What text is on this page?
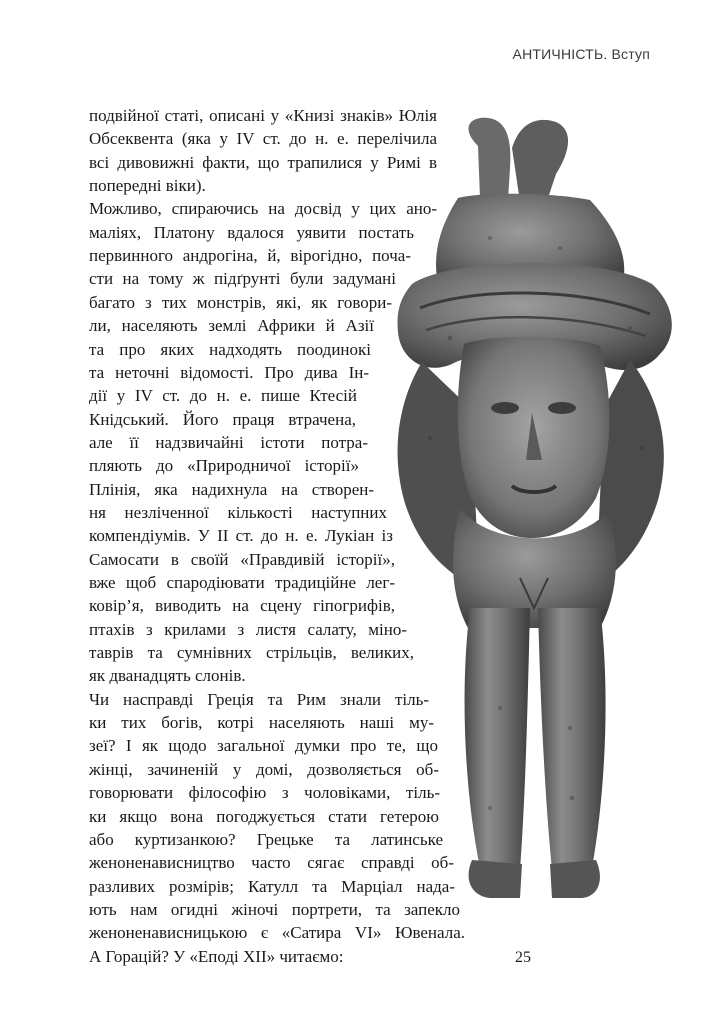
АНТИЧНІСТЬ. Вступ
подвійної статі, описані у «Книзі знаків» Юлія
Обсеквента (яка у IV ст. до н. е. перелічила
всі дивовижні факти, що трапилися у Римі в
попередні віки).
Можливо, спираючись на досвід у цих ано-
маліях, Платону вдалося уявити постать
первинного андрогіна, й, вірогідно, поча-
сти на тому ж підґрунті були задумані
багато з тих монстрів, які, як говори-
ли, населяють землі Африки й Азії
та про яких надходять поодинокі
та неточні відомості. Про дива Ін-
дії у IV ст. до н. е. пише Ктесій
Кнідський. Його праця втрачена,
але її надзвичайні істоти потра-
пляють до «Природничої історії»
Плінія, яка надихнула на створен-
ня незліченної кількості наступних
компендіумів. У II ст. до н. е. Лукіан із
Самосати в своїй «Правдивій історії»,
вже щоб спародіювати традиційне лег-
ковір’я, виводить на сцену гіпогрифів,
птахів з крилами з листя салату, міно-
таврів та сумнівних стрільців, великих,
як дванадцять слонів.
Чи насправді Греція та Рим знали тіль-
ки тих богів, котрі населяють наші му-
зеї? І як щодо загальної думки про те, що
жінці, зачиненій у домі, дозволяється об-
говорювати філософію з чоловіками, тіль-
ки якщо вона погоджується стати гетерою
або куртизанкою? Грецьке та латинське
женоненависництво часто сягає справді об-
разливих розмірів; Катулл та Марціал нада-
ють нам огидні жіночі портрети, та запекло
женоненависницькою є «Сатира VI» Ювенала.
А Горацій? У «Еподі XII» читаємо:	25
